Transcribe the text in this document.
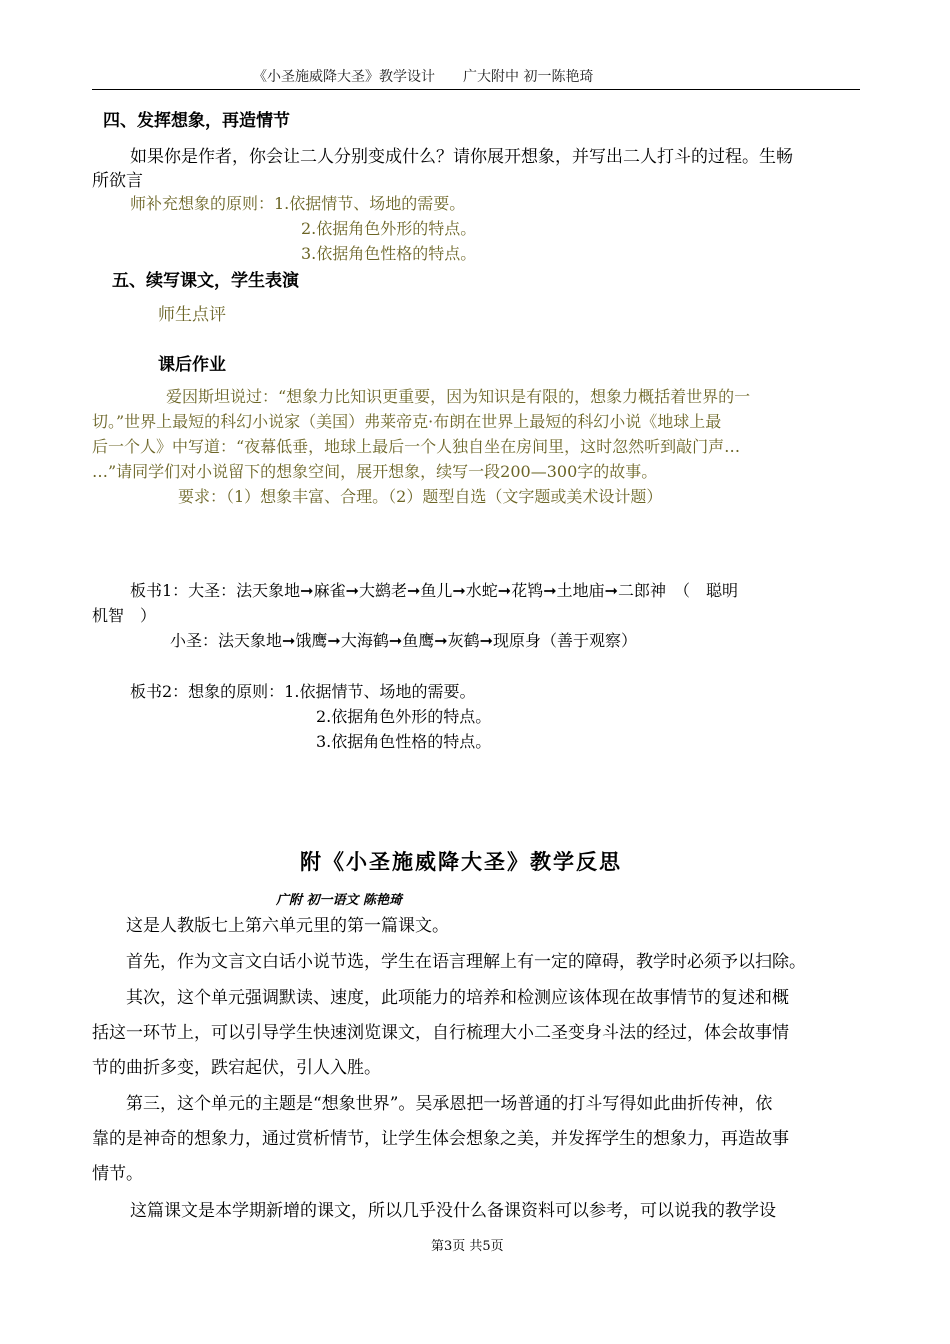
《小圣施威降大圣》教学设计　　广大附中 初一陈艳琦
四、发挥想象，再造情节
如果你是作者，你会让二人分别变成什么？请你展开想象，并写出二人打斗的过程。生畅
所欲言
师补充想象的原则：1.依据情节、场地的需要。
2.依据角色外形的特点。
3.依据角色性格的特点。
五、续写课文，学生表演
师生点评
课后作业
爱因斯坦说过：“想象力比知识更重要，因为知识是有限的，想象力概括着世界的一
切。”世界上最短的科幻小说家（美国）弗莱帝克·布朗在世界上最短的科幻小说《地球上最
后一个人》中写道：“夜幕低垂，地球上最后一个人独自坐在房间里，这时忽然听到敲门声…
…”请同学们对小说留下的想象空间，展开想象，续写一段200—300字的故事。
要求：（1）想象丰富、合理。（2）题型自选（文字题或美术设计题）
板书1：大圣：法天象地➞麻雀➞大鹚老➞鱼儿➞水蛇➞花鸨➞土地庙➞二郎神　（　聪明
机智　）
小圣：法天象地➞饿鹰➞大海鹤➞鱼鹰➞灰鹤➞现原身（善于观察）
板书2：想象的原则：1.依据情节、场地的需要。
2.依据角色外形的特点。
3.依据角色性格的特点。
附《小圣施威降大圣》教学反思
广附 初一语文 陈艳琦
这是人教版七上第六单元里的第一篇课文。
首先，作为文言文白话小说节选，学生在语言理解上有一定的障碍，教学时必须予以扫除。
其次，这个单元强调默读、速度，此项能力的培养和检测应该体现在故事情节的复述和概
括这一环节上，可以引导学生快速浏览课文，自行梳理大小二圣变身斗法的经过，体会故事情
节的曲折多变，跌宕起伏，引人入胜。
第三，这个单元的主题是“想象世界”。吴承恩把一场普通的打斗写得如此曲折传神，依
靠的是神奇的想象力，通过赏析情节，让学生体会想象之美，并发挥学生的想象力，再造故事
情节。
这篇课文是本学期新增的课文，所以几乎没什么备课资料可以参考，可以说我的教学设
第3页 共5页
